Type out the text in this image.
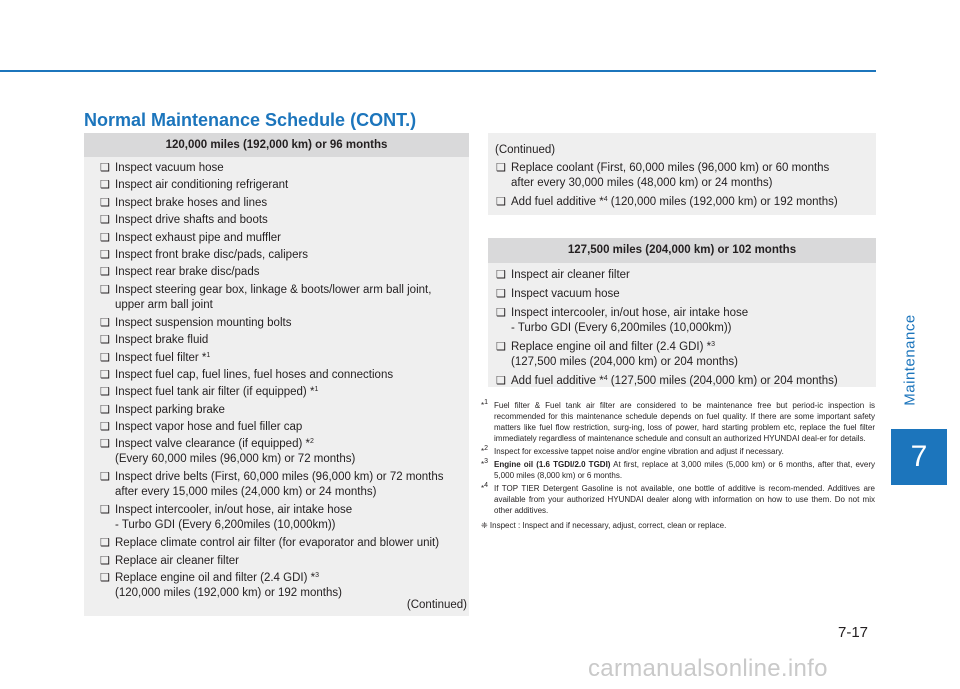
Normal Maintenance Schedule (CONT.)
Maintenance
7
7-17
120,000 miles (192,000 km) or 96 months
❑ Inspect vacuum hose
❑ Inspect air conditioning refrigerant
❑ Inspect brake hoses and lines
❑ Inspect drive shafts and boots
❑ Inspect exhaust pipe and muffler
❑ Inspect front brake disc/pads, calipers
❑ Inspect rear brake disc/pads
❑ Inspect steering gear box, linkage & boots/lower arm ball joint,
upper arm ball joint
❑ Inspect suspension mounting bolts
❑ Inspect brake fluid
❑ Inspect fuel filter *$^1$
❑ Inspect fuel cap, fuel lines, fuel hoses and connections
❑ Inspect fuel tank air filter (if equipped) *$^1$
❑ Inspect parking brake
❑ Inspect vapor hose and fuel filler cap
❑ Inspect valve clearance (if equipped) *$^2$
(Every 60,000 miles (96,000 km) or 72 months)
❑ Inspect drive belts (First, 60,000 miles (96,000 km) or 72 months
after every 15,000 miles (24,000 km) or 24 months)
❑ Inspect intercooler, in/out hose, air intake hose
- Turbo GDI (Every 6,200miles (10,000km))
❑ Replace climate control air filter (for evaporator and blower unit)
❑ Replace air cleaner filter
❑ Replace engine oil and filter (2.4 GDI) *$^3$
(120,000 miles (192,000 km) or 192 months)
(Continued)
(Continued)
❑ Replace coolant (First, 60,000 miles (96,000 km) or 60 months
after every 30,000 miles (48,000 km) or 24 months)
❑ Add fuel additive *$^4$ (120,000 miles (192,000 km) or 192 months)
127,500 miles (204,000 km) or 102 months
❑ Inspect air cleaner filter
❑ Inspect vacuum hose
❑ Inspect intercooler, in/out hose, air intake hose
- Turbo GDI (Every 6,200miles (10,000km))
❑ Replace engine oil and filter (2.4 GDI) *$^3$
(127,500 miles (204,000 km) or 204 months)
❑ Add fuel additive *$^4$ (127,500 miles (204,000 km) or 204 months)
*$^1$ Fuel filter & Fuel tank air filter are considered to be maintenance free but period-ic inspection is recommended for this maintenance schedule depends on fuel quality. If there are some important safety matters like fuel flow restriction, surg-ing, loss of power, hard starting problem etc, replace the fuel filter immediately regardless of maintenance schedule and consult an authorized HYUNDAI deal-er for details.
*$^2$ Inspect for excessive tappet noise and/or engine vibration and adjust if necessary.
*$^3$ Engine oil (1.6 TGDI/2.0 TGDI) At first, replace at 3,000 miles (5,000 km) or 6 months, after that, every 5,000 miles (8,000 km) or 6 months.
*$^4$ If TOP TIER Detergent Gasoline is not available, one bottle of additive is recom-mended. Additives are available from your authorized HYUNDAI dealer along with information on how to use them. Do not mix other additives.
❈ Inspect : Inspect and if necessary, adjust, correct, clean or replace.
carmanualsonline.info
